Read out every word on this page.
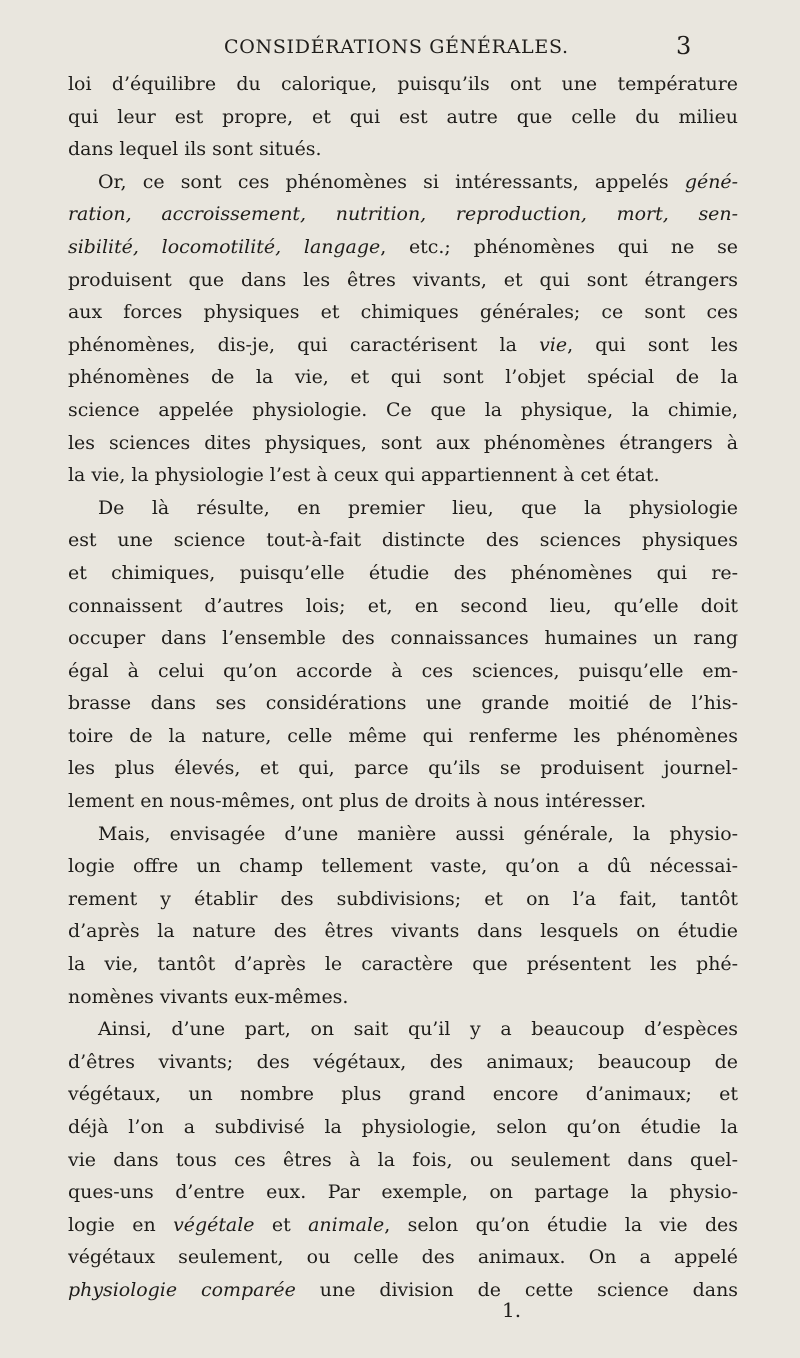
CONSIDÉRATIONS GÉNÉRALES.	3
loi d’équilibre du calorique, puisqu’ils ont une température
qui leur est propre, et qui est autre que celle du milieu
dans lequel ils sont situés.
Or, ce sont ces phénomènes si intéressants, appelés géné-
ration, accroissement, nutrition, reproduction, mort, sen-
sibilité, locomotilité, langage, etc.; phénomènes qui ne se
produisent que dans les êtres vivants, et qui sont étrangers
aux forces physiques et chimiques générales; ce sont ces
phénomènes, dis-je, qui caractérisent la vie, qui sont les
phénomènes de la vie, et qui sont l’objet spécial de la
science appelée physiologie. Ce que la physique, la chimie,
les sciences dites physiques, sont aux phénomènes étrangers à
la vie, la physiologie l’est à ceux qui appartiennent à cet état.
De là résulte, en premier lieu, que la physiologie
est une science tout-à-fait distincte des sciences physiques
et chimiques, puisqu’elle étudie des phénomènes qui re-
connaissent d’autres lois; et, en second lieu, qu’elle doit
occuper dans l’ensemble des connaissances humaines un rang
égal à celui qu’on accorde à ces sciences, puisqu’elle em-
brasse dans ses considérations une grande moitié de l’his-
toire de la nature, celle même qui renferme les phénomènes
les plus élevés, et qui, parce qu’ils se produisent journel-
lement en nous-mêmes, ont plus de droits à nous intéresser.
Mais, envisagée d’une manière aussi générale, la physio-
logie offre un champ tellement vaste, qu’on a dû nécessai-
rement y établir des subdivisions; et on l’a fait, tantôt
d’après la nature des êtres vivants dans lesquels on étudie
la vie, tantôt d’après le caractère que présentent les phé-
nomènes vivants eux-mêmes.
Ainsi, d’une part, on sait qu’il y a beaucoup d’espèces
d’êtres vivants; des végétaux, des animaux; beaucoup de
végétaux, un nombre plus grand encore d’animaux; et
déjà l’on a subdivisé la physiologie, selon qu’on étudie la
vie dans tous ces êtres à la fois, ou seulement dans quel-
ques-uns d’entre eux. Par exemple, on partage la physio-
logie en végétale et animale, selon qu’on étudie la vie des
végétaux seulement, ou celle des animaux. On a appelé
physiologie comparée une division de cette science dans
1.
